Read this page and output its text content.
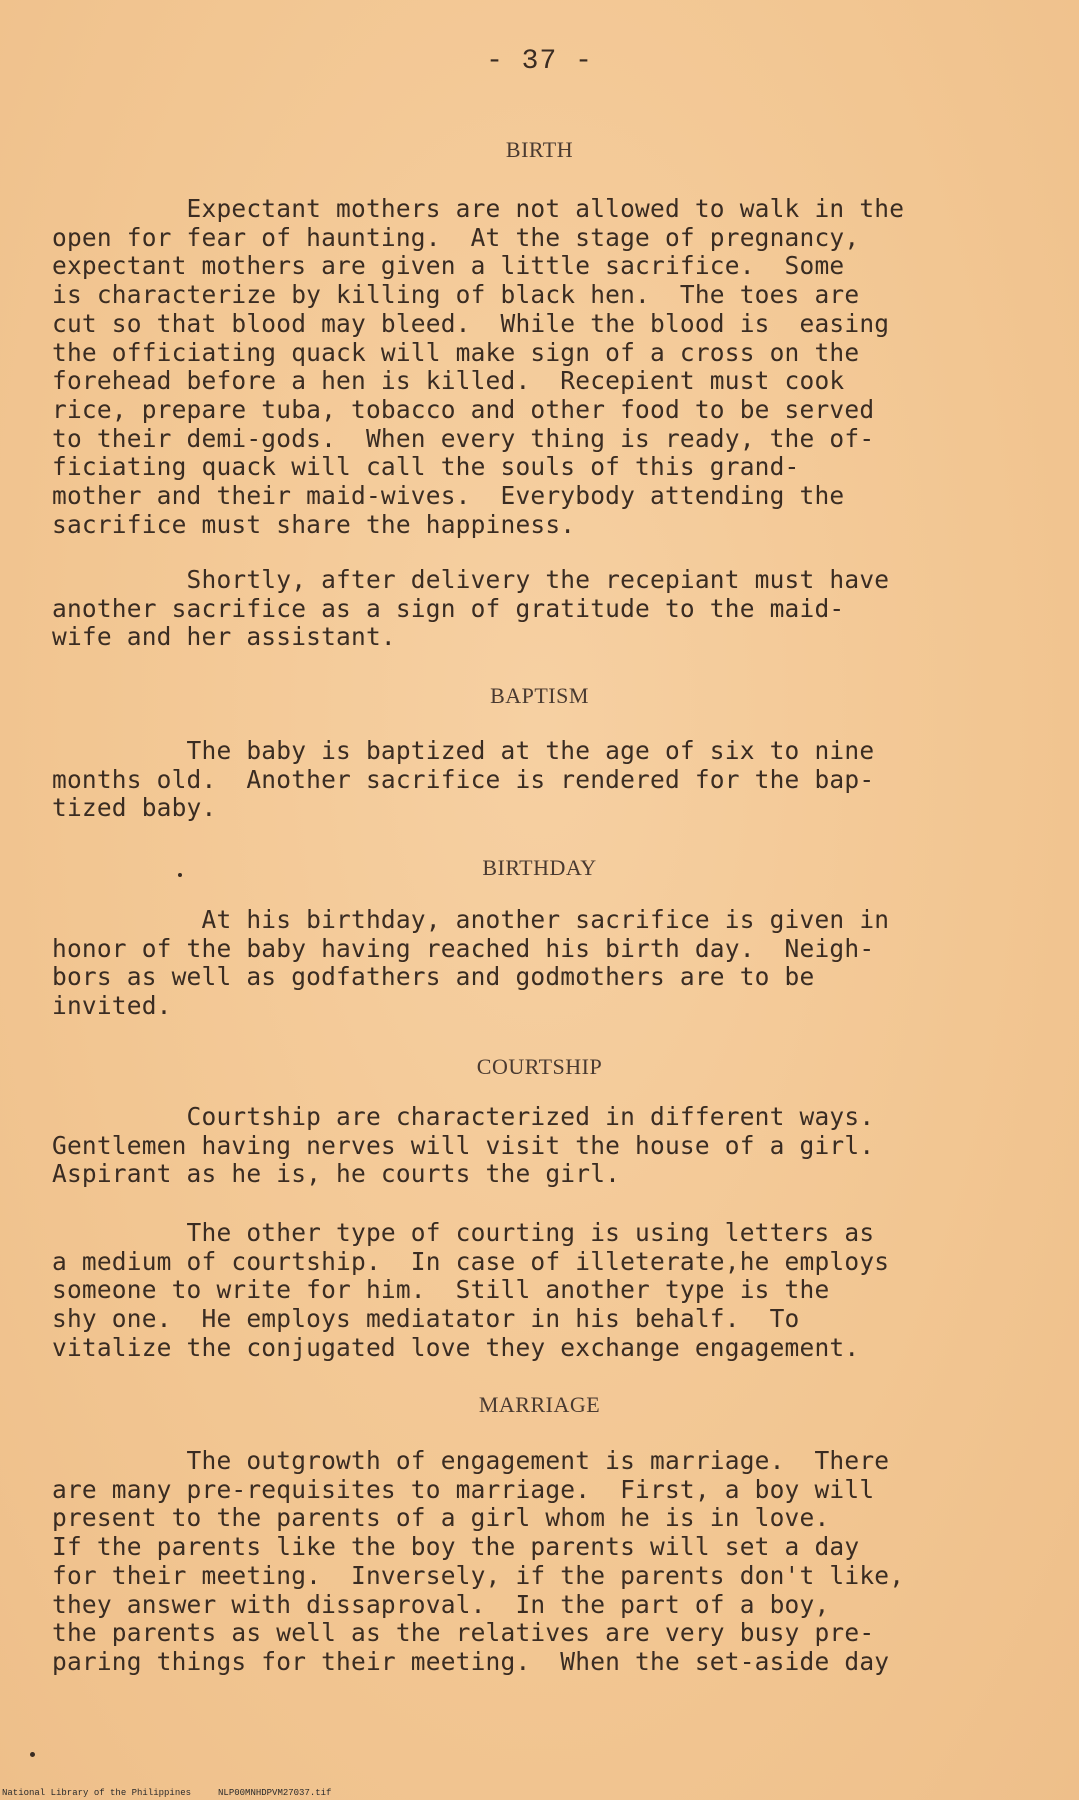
- 37 -
BIRTH
Expectant mothers are not allowed to walk in the
open for fear of haunting.  At the stage of pregnancy,
expectant mothers are given a little sacrifice.  Some
is characterize by killing of black hen.  The toes are
cut so that blood may bleed.  While the blood is  easing
the officiating quack will make sign of a cross on the
forehead before a hen is killed.  Recepient must cook
rice, prepare tuba, tobacco and other food to be served
to their demi-gods.  When every thing is ready, the of-
ficiating quack will call the souls of this grand-
mother and their maid-wives.  Everybody attending the
sacrifice must share the happiness.
Shortly, after delivery the recepiant must have
another sacrifice as a sign of gratitude to the maid-
wife and her assistant.
BAPTISM
The baby is baptized at the age of six to nine
months old.  Another sacrifice is rendered for the bap-
tized baby.
BIRTHDAY
At his birthday, another sacrifice is given in
honor of the baby having reached his birth day.  Neigh-
bors as well as godfathers and godmothers are to be
invited.
COURTSHIP
Courtship are characterized in different ways.
Gentlemen having nerves will visit the house of a girl.
Aspirant as he is, he courts the girl.
The other type of courting is using letters as
a medium of courtship.  In case of illeterate,he employs
someone to write for him.  Still another type is the
shy one.  He employs mediatator in his behalf.  To
vitalize the conjugated love they exchange engagement.
MARRIAGE
The outgrowth of engagement is marriage.  There
are many pre-requisites to marriage.  First, a boy will
present to the parents of a girl whom he is in love.
If the parents like the boy the parents will set a day
for their meeting.  Inversely, if the parents don't like,
they answer with dissaproval.  In the part of a boy,
the parents as well as the relatives are very busy pre-
paring things for their meeting.  When the set-aside day
National Library of the Philippines     NLP00MNHDPVM27037.tif
